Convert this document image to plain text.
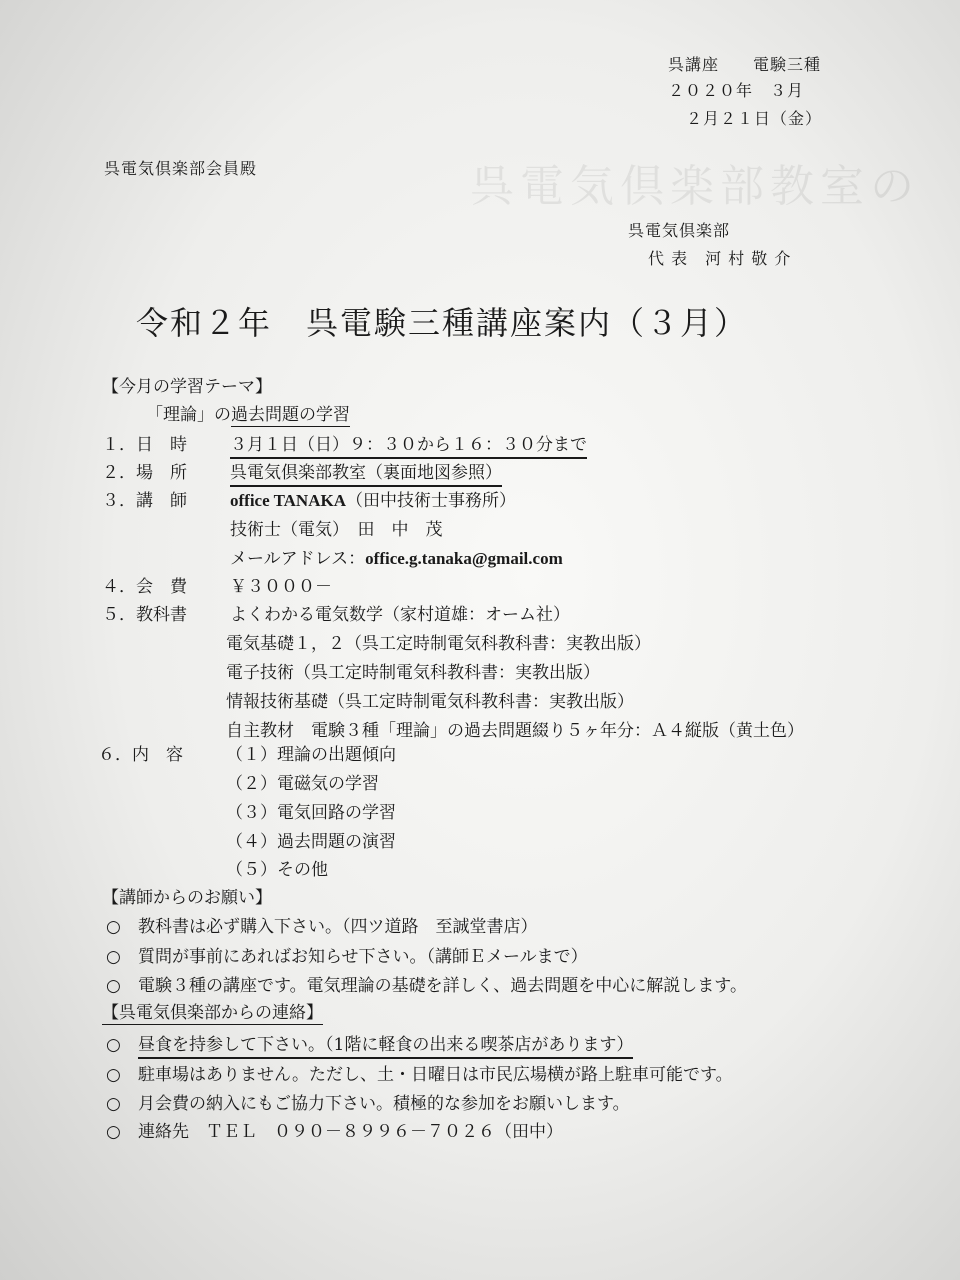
呉電気倶楽部教室の
呉講座　　電験三種
２０２０年　３月
２月２１日（金）
呉電気倶楽部会員殿
呉電気倶楽部
代 表　河 村 敬 介
令和２年　呉電験三種講座案内（３月）
【今月の学習テーマ】
「理論」の過去問題の学習
１．日　時	３月１日（日）９：３０から１６：３０分まで
２．場　所	呉電気倶楽部教室（裏面地図参照）
３．講　師	office TANAKA（田中技術士事務所）
技術士（電気）　田　中　茂
メールアドレス：office.g.tanaka@gmail.com
４．会　費	￥３０００－
５．教科書	よくわかる電気数学（家村道雄：オーム社）
電気基礎１，２（呉工定時制電気科教科書：実教出版）
電子技術（呉工定時制電気科教科書：実教出版）
情報技術基礎（呉工定時制電気科教科書：実教出版）
自主教材　電験３種「理論」の過去問題綴り５ヶ年分：Ａ４縦版（黄土色）
６．内　容	（１）理論の出題傾向
（２）電磁気の学習
（３）電気回路の学習
（４）過去問題の演習
（５）その他
【講師からのお願い】
○ 教科書は必ず購入下さい。（四ツ道路　至誠堂書店）
○ 質問が事前にあればお知らせ下さい。（講師Ｅメールまで）
○ 電験３種の講座です。電気理論の基礎を詳しく、過去問題を中心に解説します。
【呉電気倶楽部からの連絡】
○ 昼食を持参して下さい。（1階に軽食の出来る喫茶店があります）
○ 駐車場はありません。ただし、土・日曜日は市民広場横が路上駐車可能です。
○ 月会費の納入にもご協力下さい。積極的な参加をお願いします。
○ 連絡先　ＴＥＬ　０９０－８９９６－７０２６（田中）
